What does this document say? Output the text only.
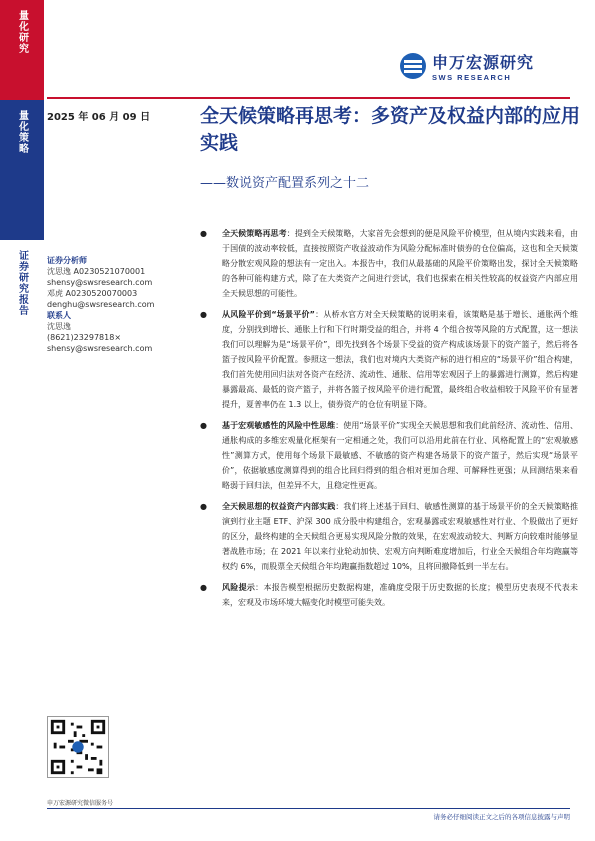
量化研究
量化策略
证券研究报告
申万宏源研究
SWS RESEARCH
2025 年 06 月 09 日	全天候策略再思考：多资产及权益内部的应用实践
——数说资产配置系列之十二
证券分析师
沈思逸 A0230521070001
shensy@swsresearch.com
邓虎 A0230520070003
denghu@swsresearch.com
联系人
沈思逸
(8621)23297818×
shensy@swsresearch.com
●	全天候策略再思考：提到全天候策略，大家首先会想到的便是风险平价模型，但从境内实践来看，由于国债的波动率较低，直接按照资产收益波动作为风险分配标准时债券的仓位偏高，这也和全天候策略分散宏观风险的想法有一定出入。本报告中，我们从最基础的风险平价策略出发，探讨全天候策略的各种可能构建方式，除了在大类资产之间进行尝试，我们也探索在相关性较高的权益资产内部应用全天候思想的可能性。

●	从风险平价到“场景平价”：从桥水官方对全天候策略的说明来看，该策略是基于增长、通胀两个维度，分别找到增长、通胀上行和下行时期受益的组合，并将 4 个组合按等风险的方式配置，这一想法我们可以理解为是“场景平价”，即先找到各个场景下受益的资产构成该场景下的资产篮子，然后将各篮子按风险平价配置。参照这一想法，我们也对境内大类资产标的进行相应的“场景平价”组合构建，我们首先使用回归法对各资产在经济、流动性、通胀、信用等宏观因子上的暴露进行测算，然后构建暴露最高、最低的资产篮子，并将各篮子按风险平价进行配置，最终组合收益相较于风险平价有显著提升，夏普率仍在 1.3 以上，债券资产的仓位有明显下降。

●	基于宏观敏感性的风险中性思维：使用“场景平价”实现全天候思想和我们此前经济、流动性、信用、通胀构成的多维宏观量化框架有一定相通之处，我们可以沿用此前在行业、风格配置上的“宏观敏感性”测算方式，使用每个场景下最敏感、不敏感的资产构建各场景下的资产篮子，然后实现“场景平价”，依据敏感度测算得到的组合比回归得到的组合相对更加合理、可解释性更强；从回测结果来看略弱于回归法，但差异不大，且稳定性更高。

●	全天候思想的权益资产内部实践：我们将上述基于回归、敏感性测算的基于场景平价的全天候策略推演到行业主题 ETF、沪深 300 成分股中构建组合，宏观暴露或宏观敏感性对行业、个股做出了更好的区分，最终构建的全天候组合更易实现风险分散的效果，在宏观波动较大、判断方向较难时能够显著战胜市场；在 2021 年以来行业轮动加快、宏观方向判断难度增加后，行业全天候组合年均跑赢等权约 6%，而股票全天候组合年均跑赢指数超过 10%，且将回撤降低到一半左右。

●	风险提示：本报告模型根据历史数据构建，准确度受限于历史数据的长度；模型历史表现不代表未来，宏观及市场环境大幅变化时模型可能失效。

申万宏源研究微信服务号
请务必仔细阅读正文之后的各项信息披露与声明
